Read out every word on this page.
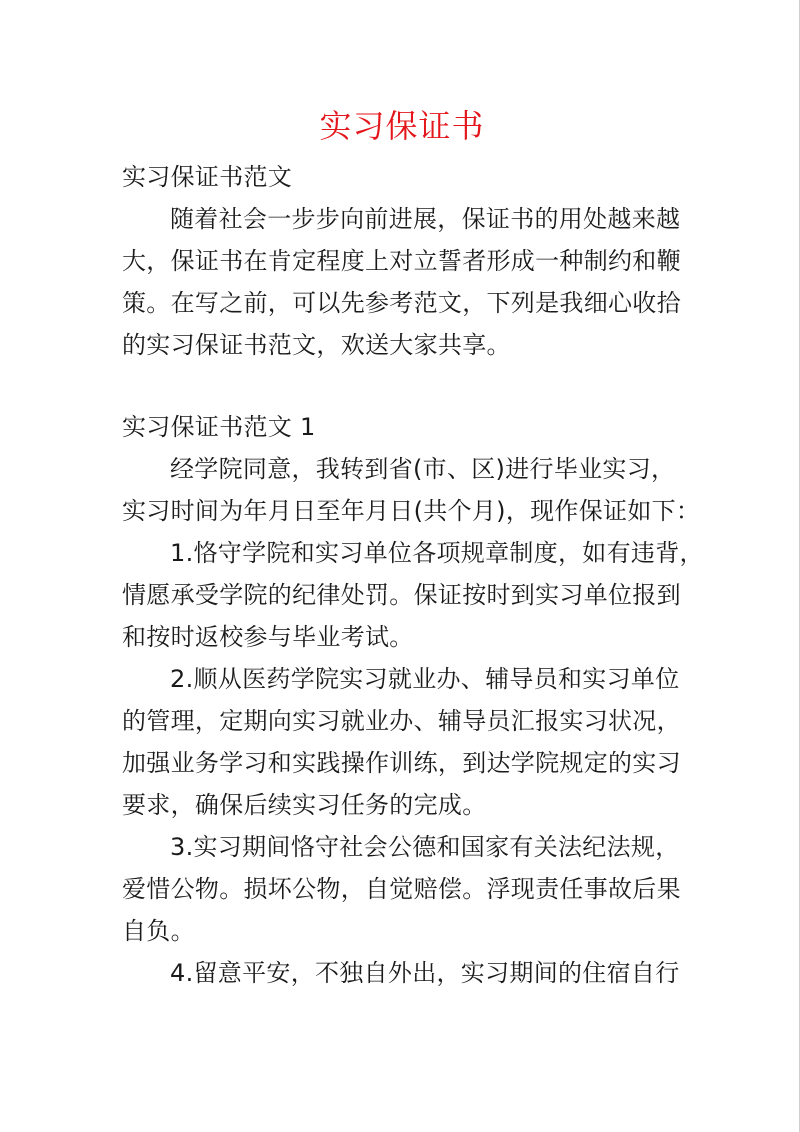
实习保证书
实习保证书范文
随着社会一步步向前进展，保证书的用处越来越
大，保证书在肯定程度上对立誓者形成一种制约和鞭
策。在写之前，可以先参考范文，下列是我细心收拾
的实习保证书范文，欢送大家共享。
实习保证书范文 1
经学院同意，我转到省(市、区)进行毕业实习，
实习时间为年月日至年月日(共个月)，现作保证如下：
1.恪守学院和实习单位各项规章制度，如有违背，
情愿承受学院的纪律处罚。保证按时到实习单位报到
和按时返校参与毕业考试。
2.顺从医药学院实习就业办、辅导员和实习单位
的管理，定期向实习就业办、辅导员汇报实习状况，
加强业务学习和实践操作训练，到达学院规定的实习
要求，确保后续实习任务的完成。
3.实习期间恪守社会公德和国家有关法纪法规，
爱惜公物。损坏公物，自觉赔偿。浮现责任事故后果
自负。
4.留意平安，不独自外出，实习期间的住宿自行
